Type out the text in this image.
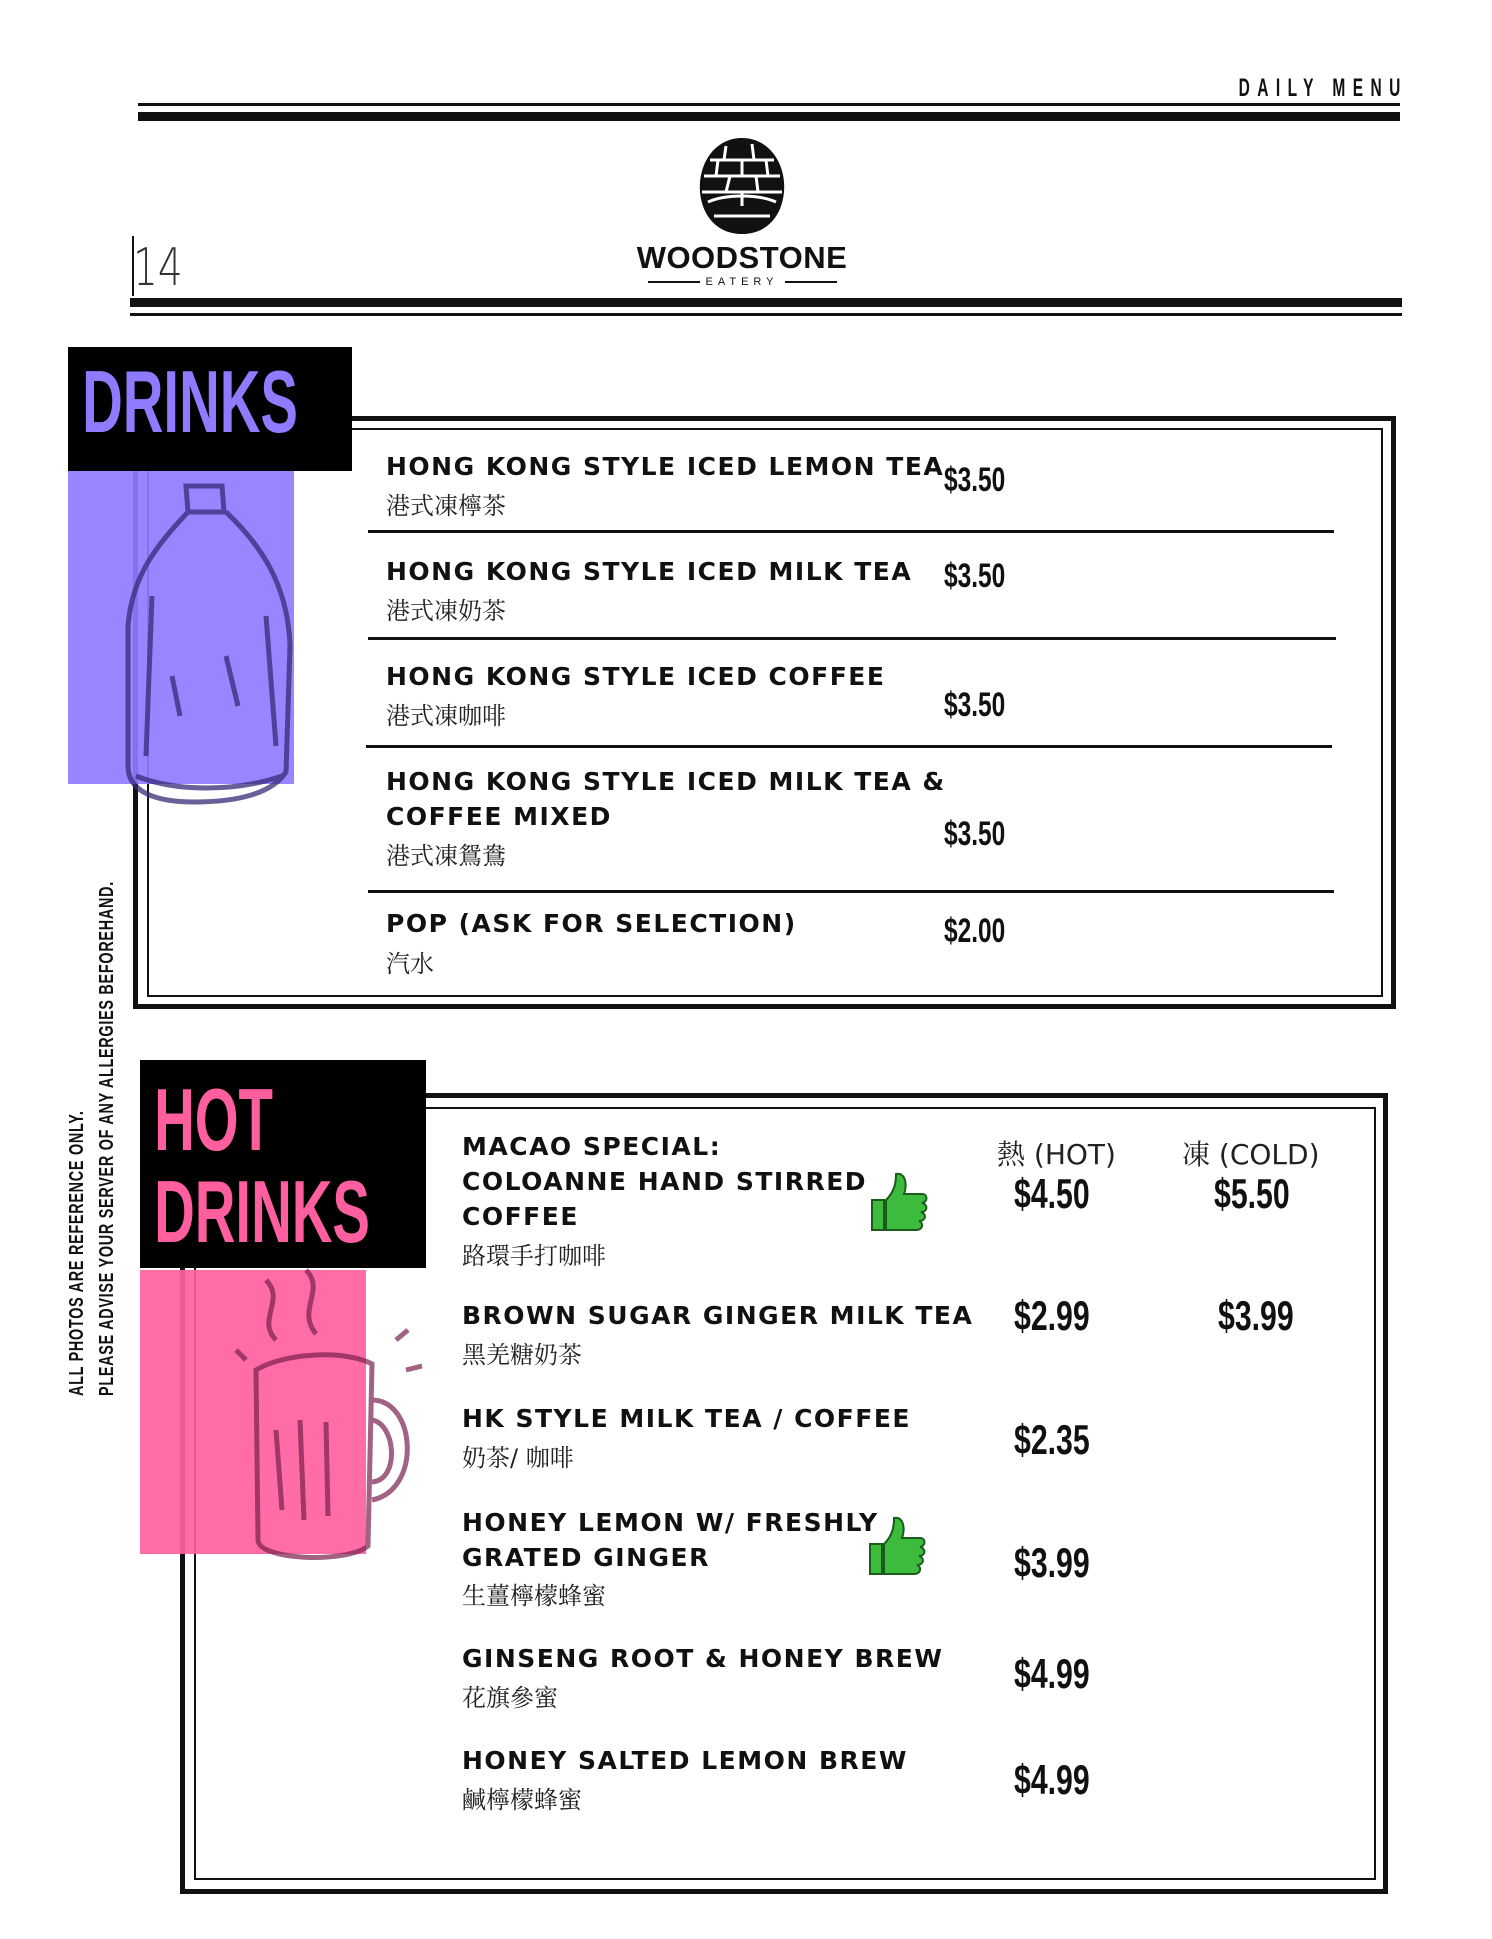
DAILY MENU
14	WOODSTONE
EATERY
ALL PHOTOS ARE REFERENCE ONLY. PLEASE ADVISE YOUR SERVER OF ANY ALLERGIES BEFOREHAND.
DRINKS
HONG KONG STYLE ICED LEMON TEA
港式凍檸茶
$3.50
HONG KONG STYLE ICED MILK TEA
港式凍奶茶
$3.50
HONG KONG STYLE ICED COFFEE
港式凍咖啡	$3.50
HONG KONG STYLE ICED MILK TEA &
COFFEE MIXED
港式凍鴛鴦
$3.50
POP (ASK FOR SELECTION)
汽水
$2.00
HOT
DRINKS
熱 (HOT) 凍 (COLD)
MACAO SPECIAL:
COLOANNE HAND STIRRED
COFFEE
路環手打咖啡
$4.50	$5.50
BROWN SUGAR GINGER MILK TEA
黑羌糖奶茶
$2.99	$3.99
HK STYLE MILK TEA / COFFEE
奶茶/ 咖啡	$2.35
HONEY LEMON W/ FRESHLY
GRATED GINGER
生薑檸檬蜂蜜
$3.99
GINSENG ROOT & HONEY BREW
花旗參蜜
$4.99
HONEY SALTED LEMON BREW
鹹檸檬蜂蜜	$4.99
